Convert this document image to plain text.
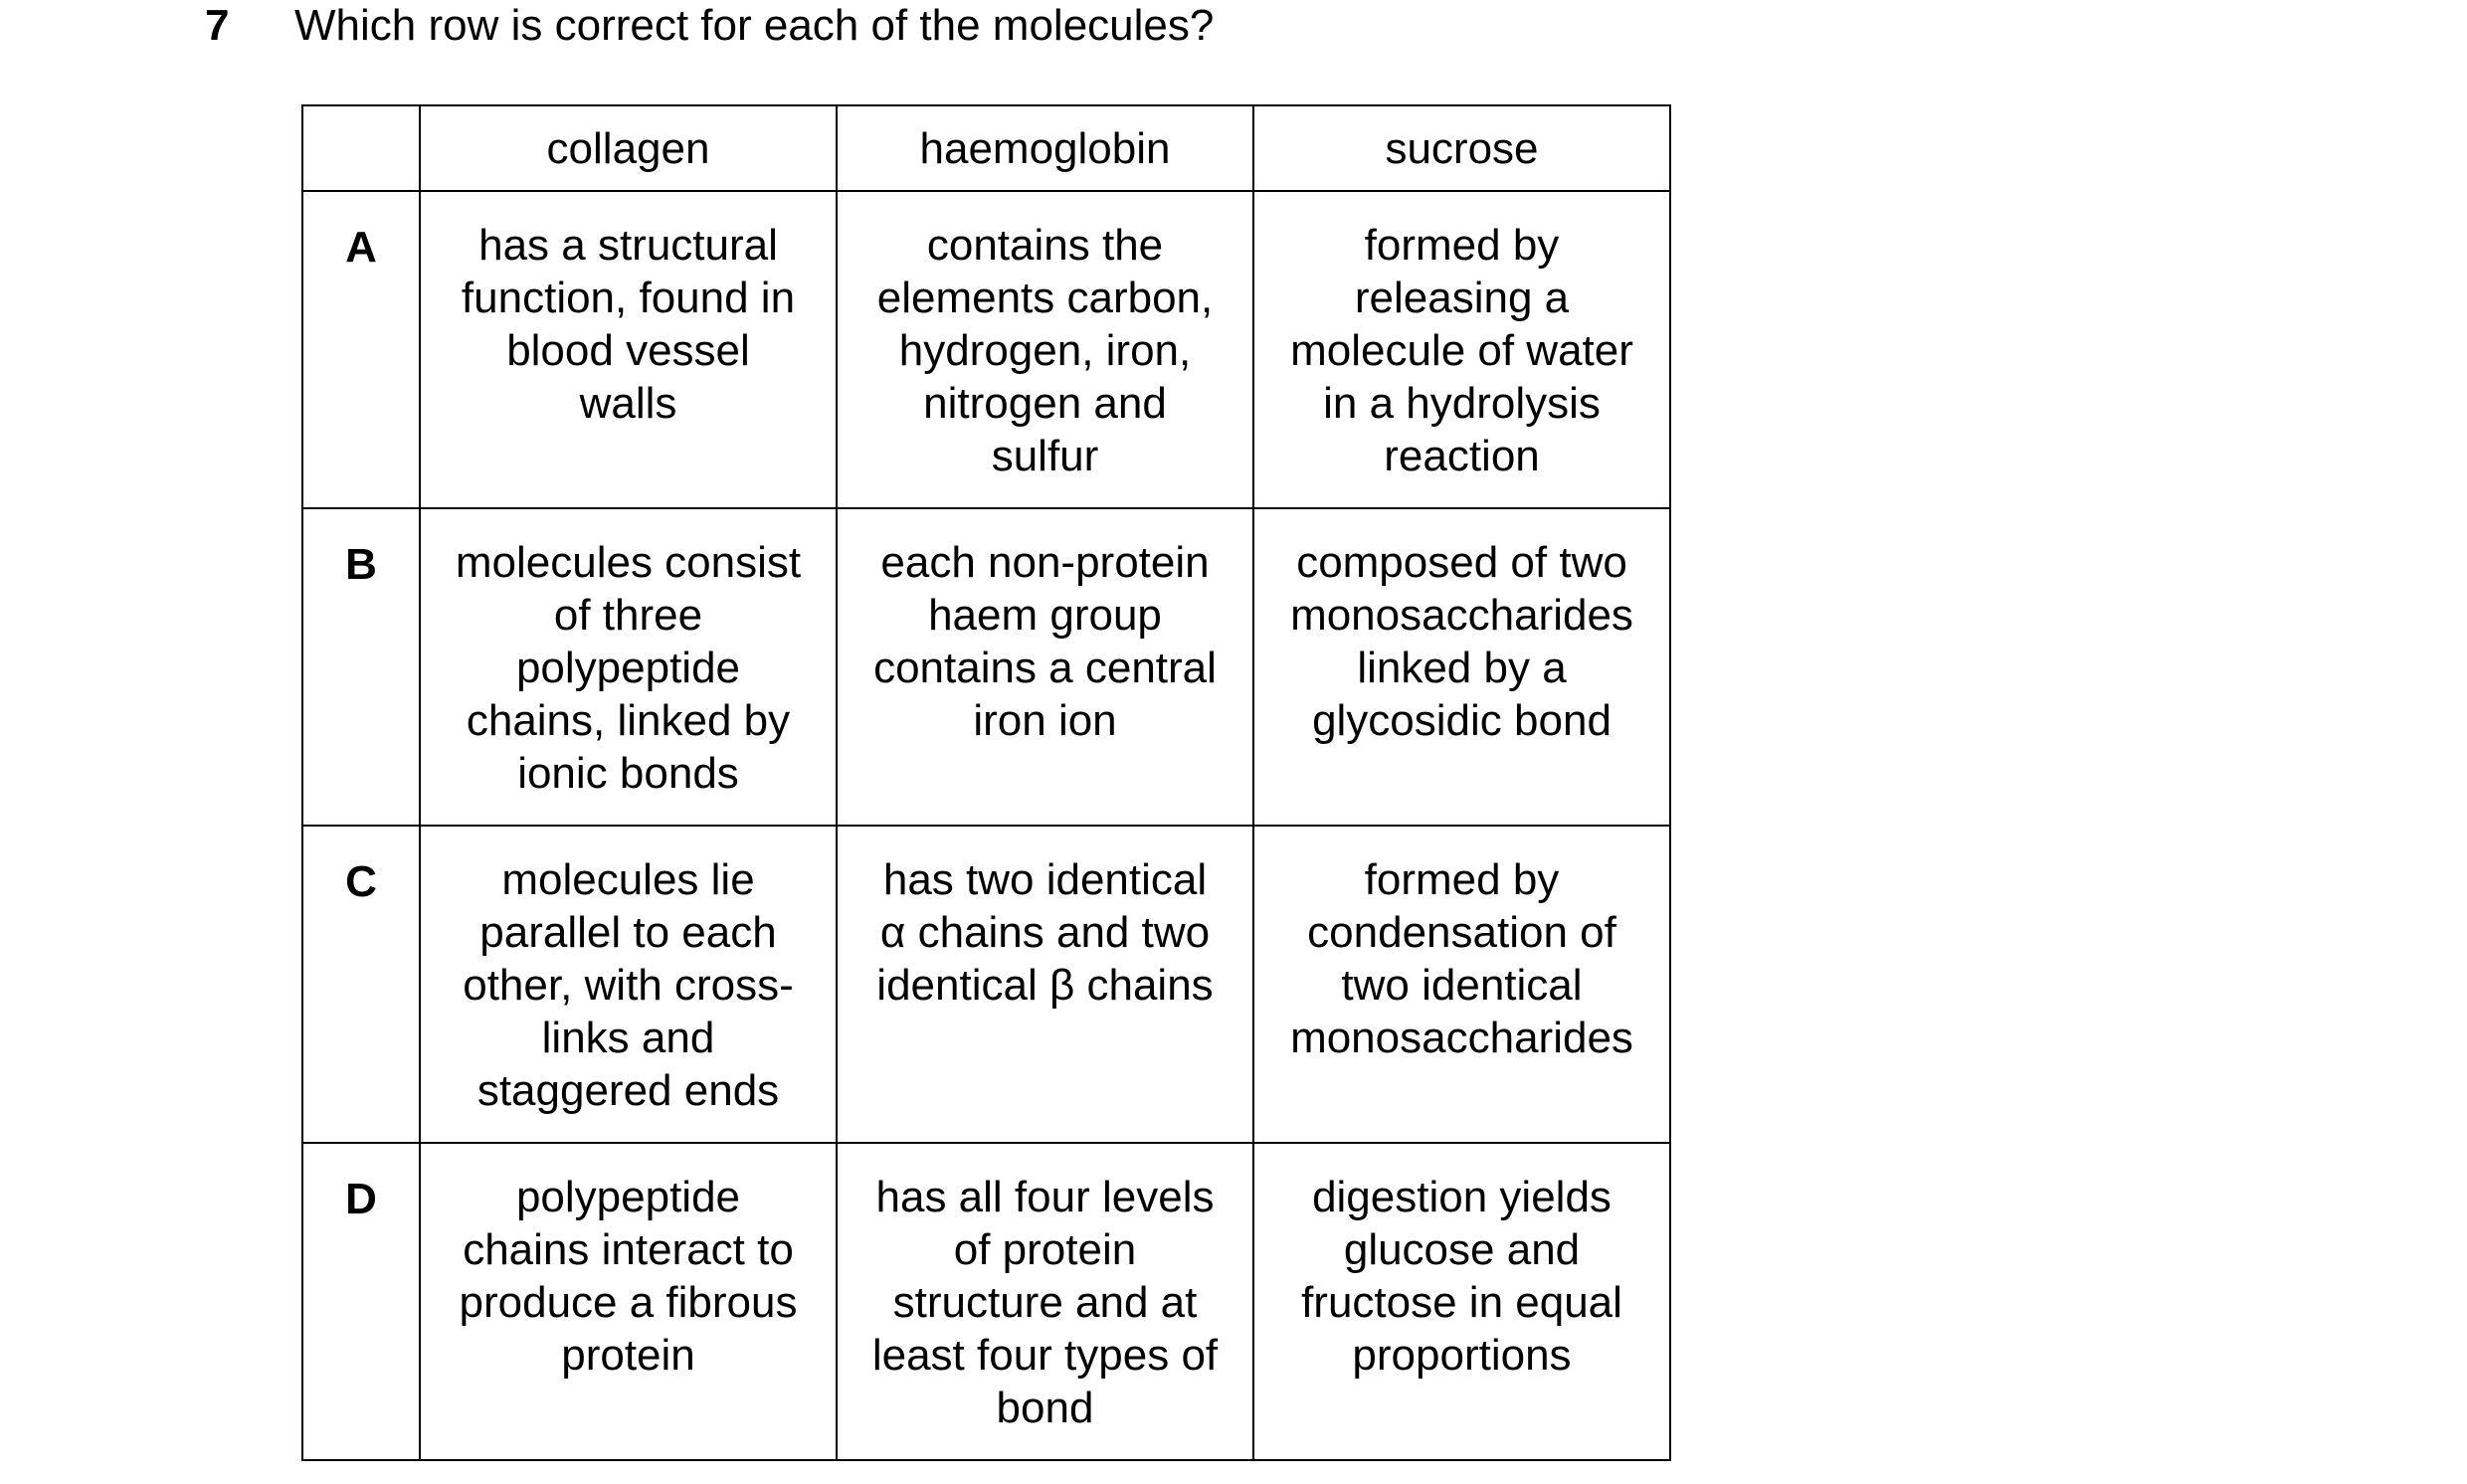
7 Which row is correct for each of the molecules?
	collagen	haemoglobin	sucrose

A	has a structural
function, found in
blood vessel
walls	contains the
elements carbon,
hydrogen, iron,
nitrogen and
sulfur	formed by
releasing a
molecule of water
in a hydrolysis
reaction

B	molecules consist
of three
polypeptide
chains, linked by
ionic bonds	each non-protein
haem group
contains a central
iron ion	composed of two
monosaccharides
linked by a
glycosidic bond

C	molecules lie
parallel to each
other, with cross-
links and
staggered ends	has two identical
α chains and two
identical β chains	formed by
condensation of
two identical
monosaccharides

D	polypeptide
chains interact to
produce a fibrous
protein	has all four levels
of protein
structure and at
least four types of
bond	digestion yields
glucose and
fructose in equal
proportions
